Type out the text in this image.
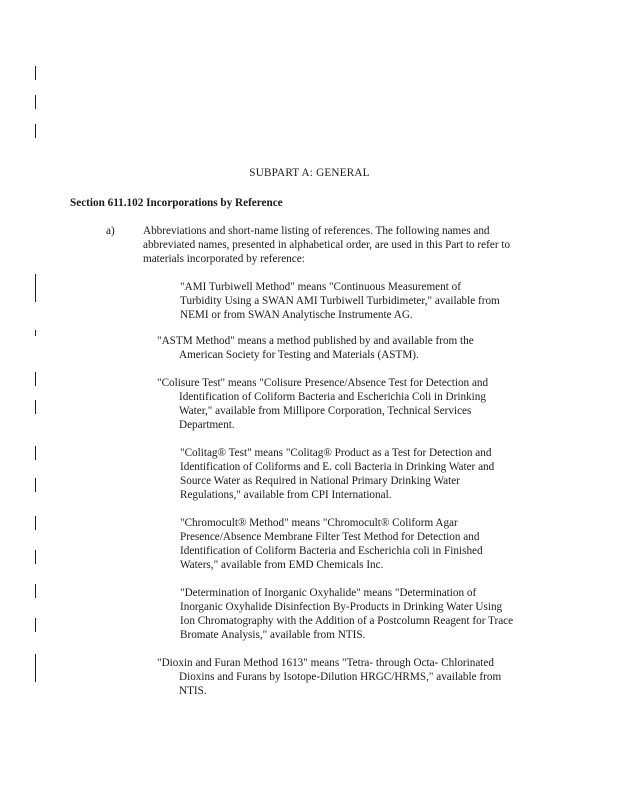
SUBPART A: GENERAL
Section 611.102 Incorporations by Reference
a)	Abbreviations and short-name listing of references. The following names and
abbreviated names, presented in alphabetical order, are used in this Part to refer to
materials incorporated by reference:
"AMI Turbiwell Method" means "Continuous Measurement of
Turbidity Using a SWAN AMI Turbiwell Turbidimeter," available from
NEMI or from SWAN Analytische Instrumente AG.
"ASTM Method" means a method published by and available from the
American Society for Testing and Materials (ASTM).
"Colisure Test" means "Colisure Presence/Absence Test for Detection and
Identification of Coliform Bacteria and Escherichia Coli in Drinking
Water," available from Millipore Corporation, Technical Services
Department.
"Colitag® Test" means "Colitag® Product as a Test for Detection and
Identification of Coliforms and E. coli Bacteria in Drinking Water and
Source Water as Required in National Primary Drinking Water
Regulations," available from CPI International.
"Chromocult® Method" means "Chromocult® Coliform Agar
Presence/Absence Membrane Filter Test Method for Detection and
Identification of Coliform Bacteria and Escherichia coli in Finished
Waters," available from EMD Chemicals Inc.
"Determination of Inorganic Oxyhalide" means "Determination of
Inorganic Oxyhalide Disinfection By-Products in Drinking Water Using
Ion Chromatography with the Addition of a Postcolumn Reagent for Trace
Bromate Analysis," available from NTIS.
"Dioxin and Furan Method 1613" means "Tetra- through Octa- Chlorinated
Dioxins and Furans by Isotope-Dilution HRGC/HRMS," available from
NTIS.
